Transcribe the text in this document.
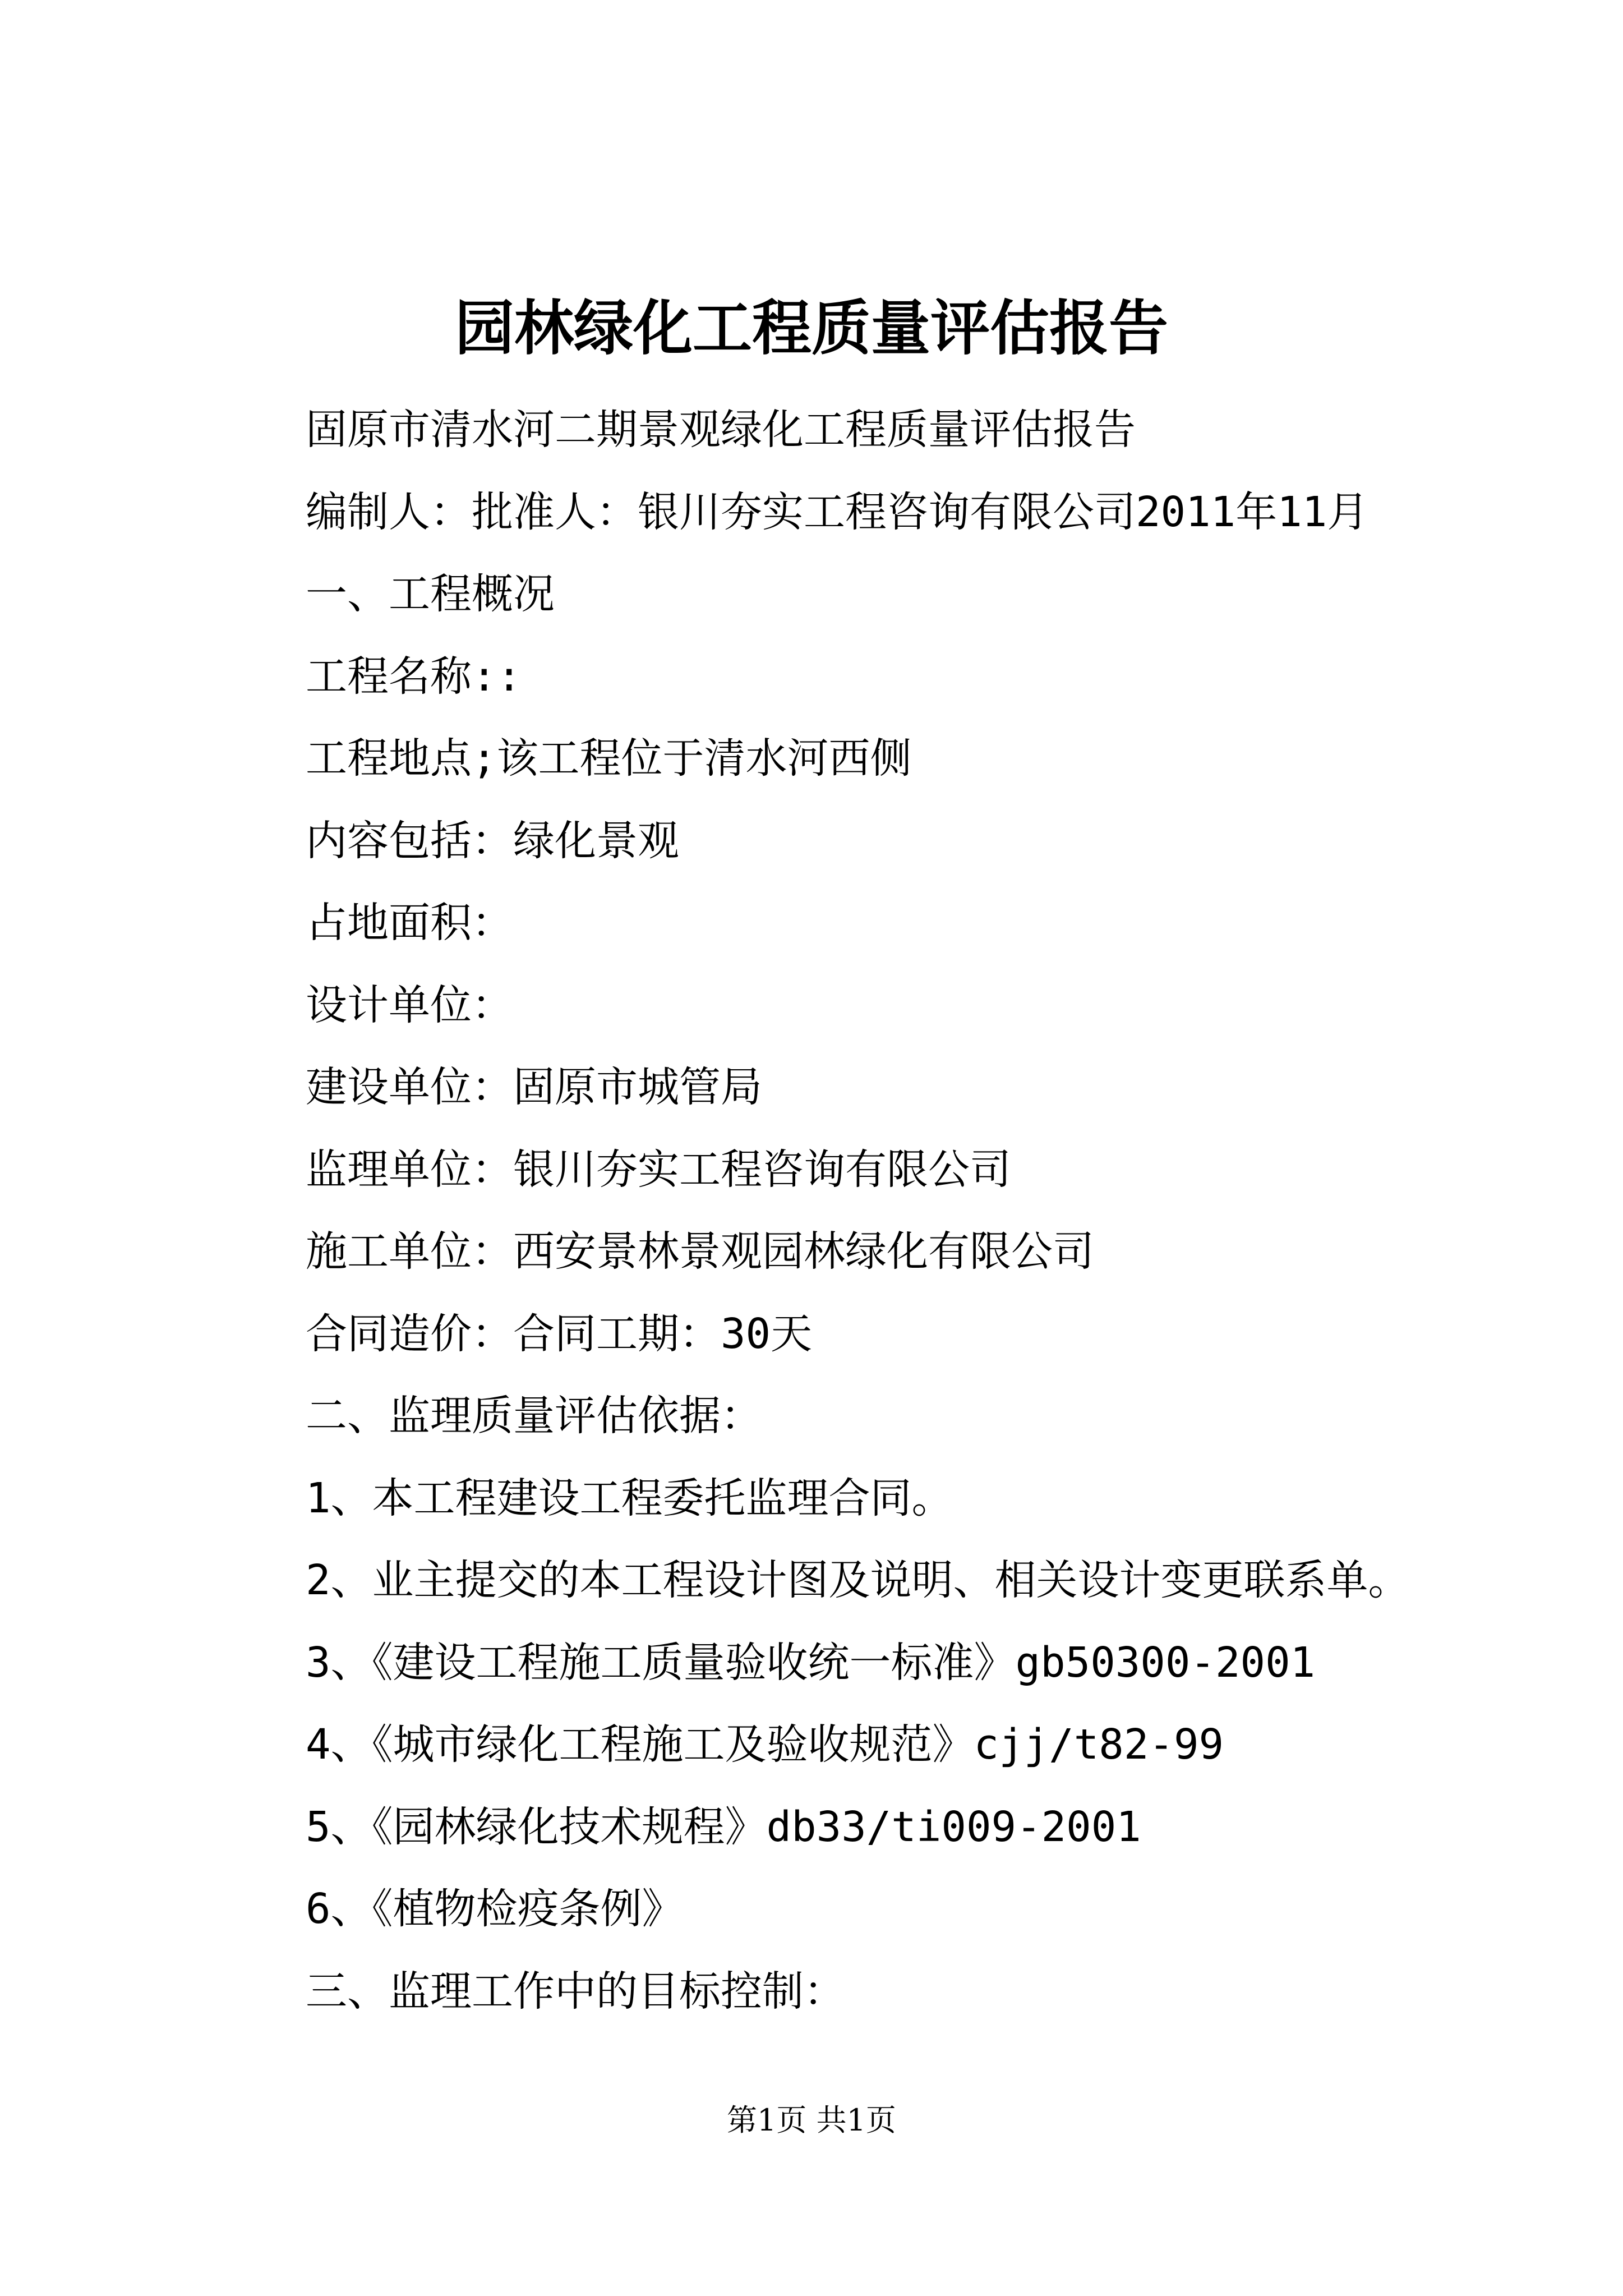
园林绿化工程质量评估报告
固原市清水河二期景观绿化工程质量评估报告
编制人：批准人：银川夯实工程咨询有限公司2011年11月
一、工程概况
工程名称::
工程地点;该工程位于清水河西侧
内容包括：绿化景观
占地面积：
设计单位：
建设单位：固原市城管局
监理单位：银川夯实工程咨询有限公司
施工单位：西安景林景观园林绿化有限公司
合同造价：合同工期：30天
二、监理质量评估依据：
1、本工程建设工程委托监理合同。
2、业主提交的本工程设计图及说明、相关设计变更联系单。
3、《建设工程施工质量验收统一标准》gb50300-2001
4、《城市绿化工程施工及验收规范》cjj/t82-99
5、《园林绿化技术规程》db33/ti009-2001
6、《植物检疫条例》
三、监理工作中的目标控制：
第1页 共1页
